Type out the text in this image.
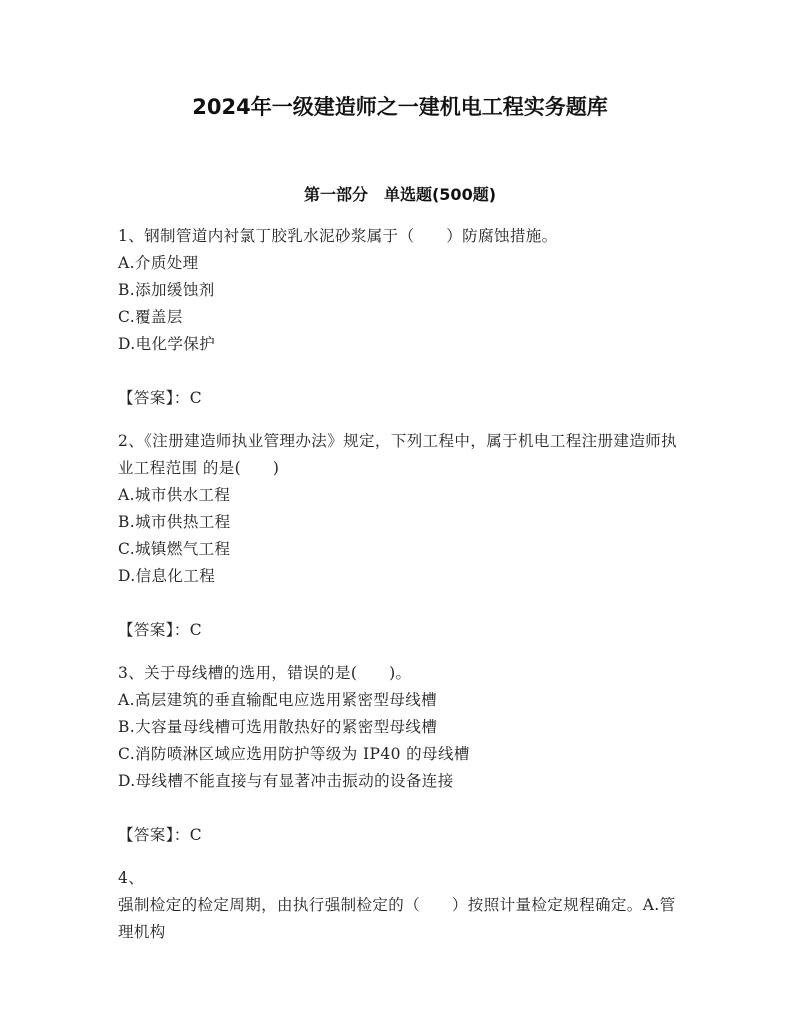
2024年一级建造师之一建机电工程实务题库
第一部分　单选题(500题)

1、钢制管道内衬氯丁胶乳水泥砂浆属于（　　）防腐蚀措施。

A.介质处理

B.添加缓蚀剂

C.覆盖层

D.电化学保护

【答案】：C

2、《注册建造师执业管理办法》规定，下列工程中，属于机电工程注册建造师执业工程范围 的是(　　)

A.城市供水工程

B.城市供热工程

C.城镇燃气工程

D.信息化工程

【答案】：C

3、关于母线槽的选用，错误的是(　　)。

A.高层建筑的垂直输配电应选用紧密型母线槽

B.大容量母线槽可选用散热好的紧密型母线槽

C.消防喷淋区域应选用防护等级为 IP40 的母线槽

D.母线槽不能直接与有显著冲击振动的设备连接

【答案】：C

4、

强制检定的检定周期，由执行强制检定的（　　）按照计量检定规程确定。A.管理机构
